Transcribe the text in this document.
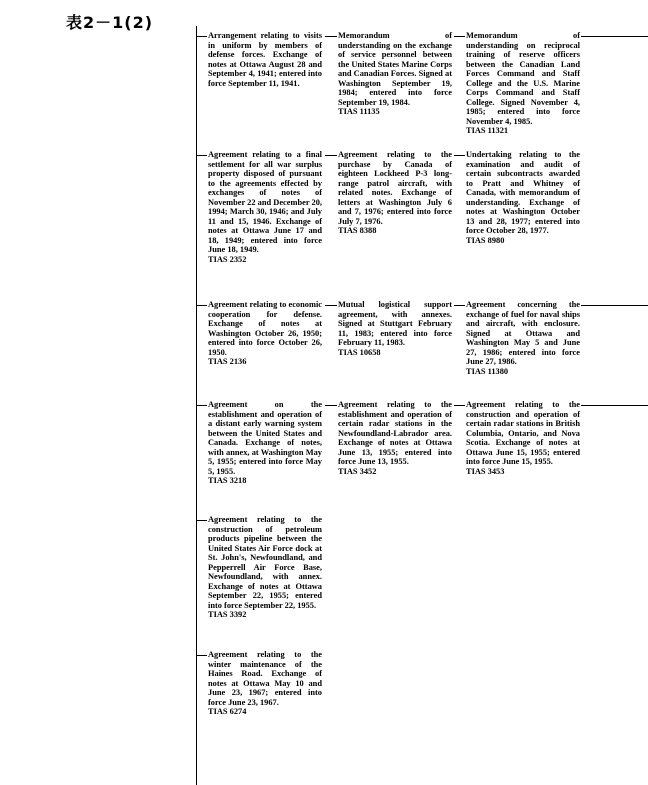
表2－1(2)
Arrangement relating to visits in uniform by members of defense forces. Exchange of notes at Ottawa August 28 and September 4, 1941; entered into force September 11, 1941.
Memorandum of understanding on the exchange of service personnel between the United States Marine Corps and Canadian Forces. Signed at Washington September 19, 1984; entered into force September 19, 1984.
TIAS 11135
Memorandum of understanding on reciprocal training of reserve officers between the Canadian Land Forces Command and Staff College and the U.S. Marine Corps Command and Staff College. Signed November 4, 1985; entered into force November 4, 1985.
TIAS 11321
Agreement relating to a final settlement for all war surplus property disposed of pursuant to the agreements effected by exchanges of notes of November 22 and December 20, 1994; March 30, 1946; and July 11 and 15, 1946. Exchange of notes at Ottawa June 17 and 18, 1949; entered into force June 18, 1949.
TIAS 2352
Agreement relating to the purchase by Canada of eighteen Lockheed P-3 long-range patrol aircraft, with related notes. Exchange of letters at Washington July 6 and 7, 1976; entered into force July 7, 1976.
TIAS 8388
Undertaking relating to the examination and audit of certain subcontracts awarded to Pratt and Whitney of Canada, with memorandum of understanding. Exchange of notes at Washington October 13 and 28, 1977; entered into force October 28, 1977.
TIAS 8980
Agreement relating to economic cooperation for defense. Exchange of notes at Washington October 26, 1950; entered into force October 26, 1950.
TIAS 2136
Mutual logistical support agreement, with annexes. Signed at Stuttgart February 11, 1983; entered into force February 11, 1983.
TIAS 10658
Agreement concerning the exchange of fuel for naval ships and aircraft, with enclosure. Signed at Ottawa and Washington May 5 and June 27, 1986; entered into force June 27, 1986.
TIAS 11380
Agreement on the establishment and operation of a distant early warning system between the United States and Canada. Exchange of notes, with annex, at Washington May 5, 1955; entered into force May 5, 1955.
TIAS 3218
Agreement relating to the establishment and operation of certain radar stations in the Newfoundland-Labrador area. Exchange of notes at Ottawa June 13, 1955; entered into force June 13, 1955.
TIAS 3452
Agreement relating to the construction and operation of certain radar stations in British Columbia, Ontario, and Nova Scotia. Exchange of notes at Ottawa June 15, 1955; entered into force June 15, 1955.
TIAS 3453
Agreement relating to the construction of petroleum products pipeline between the United States Air Force dock at St. John's, Newfoundland, and Pepperrell Air Force Base, Newfoundland, with annex. Exchange of notes at Ottawa September 22, 1955; entered into force September 22, 1955.
TIAS 3392
Agreement relating to the winter maintenance of the Haines Road. Exchange of notes at Ottawa May 10 and June 23, 1967; entered into force June 23, 1967.
TIAS 6274
